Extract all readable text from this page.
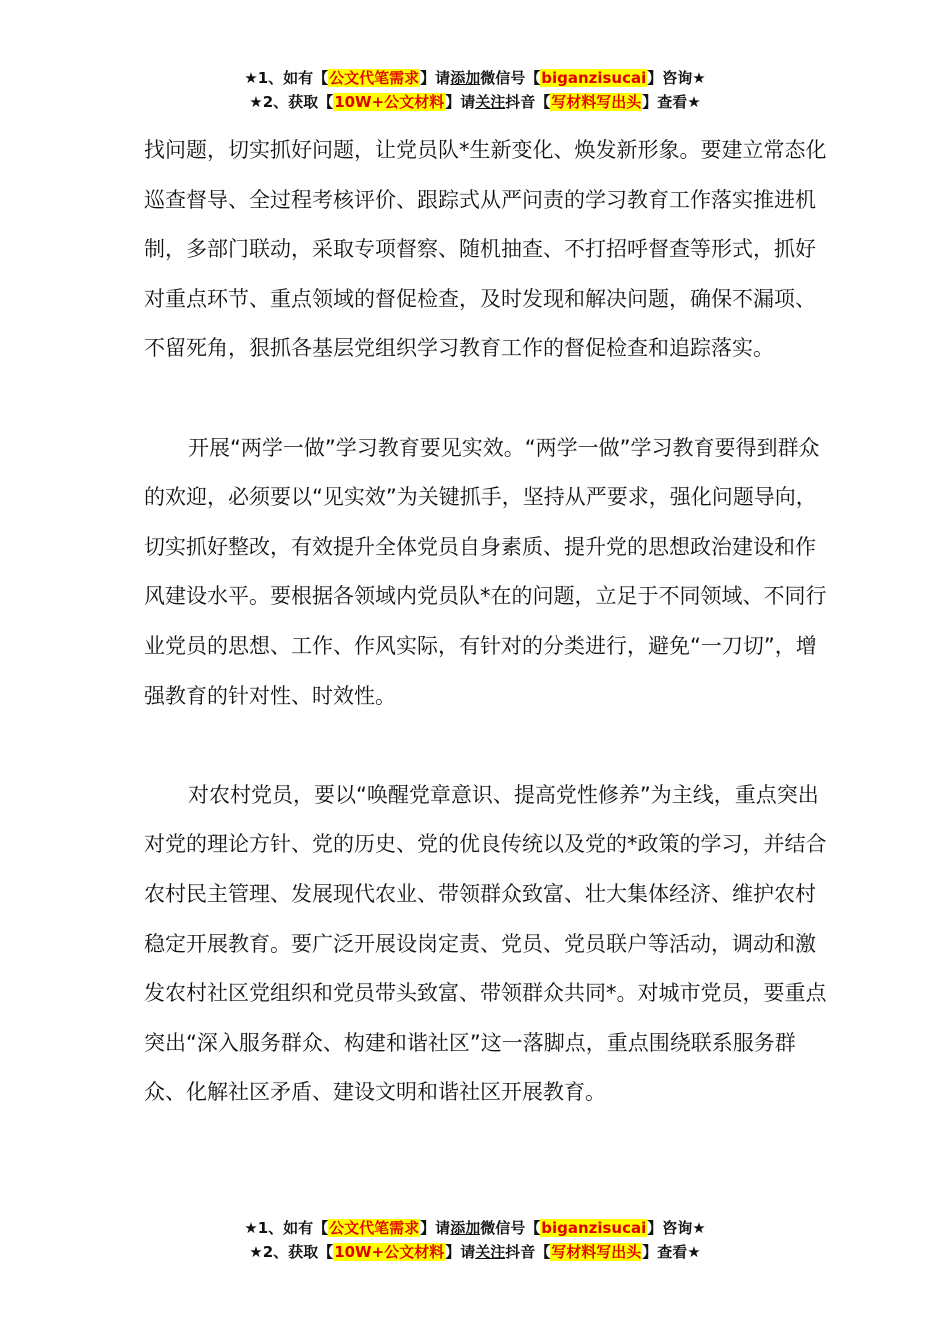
★1、如有【公文代笔需求】请添加微信号【biganzisucai】咨询★
★2、获取【10W+公文材料】请关注抖音【写材料写出头】查看★

找问题，切实抓好问题，让党员队*生新变化、焕发新形象。要建立常态化巡查督导、全过程考核评价、跟踪式从严问责的学习教育工作落实推进机制，多部门联动，采取专项督察、随机抽查、不打招呼督查等形式，抓好对重点环节、重点领域的督促检查，及时发现和解决问题，确保不漏项、不留死角，狠抓各基层党组织学习教育工作的督促检查和追踪落实。

开展“两学一做”学习教育要见实效。“两学一做”学习教育要得到群众的欢迎，必须要以“见实效”为关键抓手，坚持从严要求，强化问题导向，切实抓好整改，有效提升全体党员自身素质、提升党的思想政治建设和作风建设水平。要根据各领域内党员队*在的问题，立足于不同领域、不同行业党员的思想、工作、作风实际，有针对的分类进行，避免“一刀切”，增强教育的针对性、时效性。

对农村党员，要以“唤醒党章意识、提高党性修养”为主线，重点突出对党的理论方针、党的历史、党的优良传统以及党的*政策的学习，并结合农村民主管理、发展现代农业、带领群众致富、壮大集体经济、维护农村稳定开展教育。要广泛开展设岗定责、党员、党员联户等活动，调动和激发农村社区党组织和党员带头致富、带领群众共同*。对城市党员，要重点突出“深入服务群众、构建和谐社区”这一落脚点，重点围绕联系服务群众、化解社区矛盾、建设文明和谐社区开展教育。

★1、如有【公文代笔需求】请添加微信号【biganzisucai】咨询★
★2、获取【10W+公文材料】请关注抖音【写材料写出头】查看★
